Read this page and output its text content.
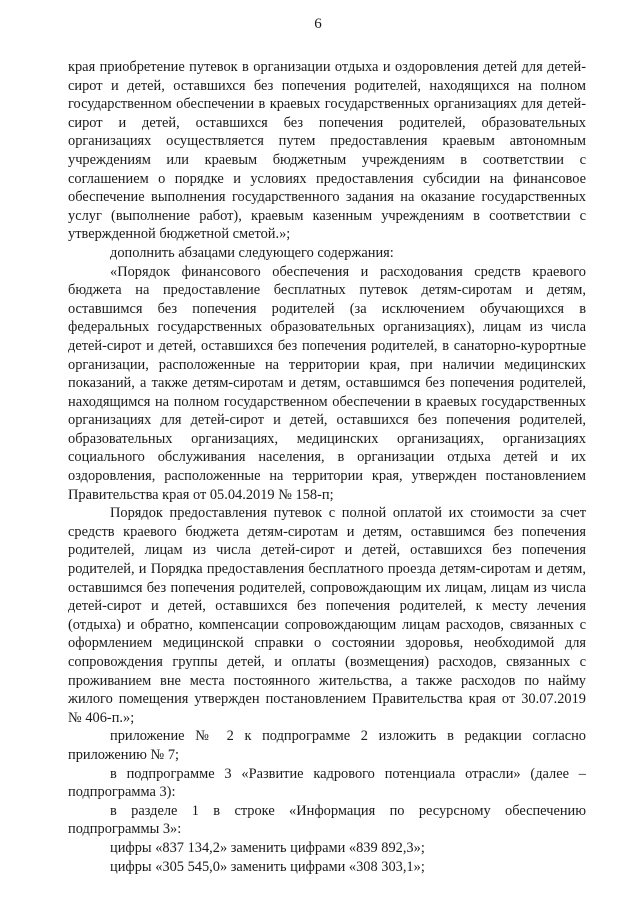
6

края приобретение путевок в организации отдыха и оздоровления детей для детей-сирот и детей, оставшихся без попечения родителей, находящихся на полном государственном обеспечении в краевых государственных организациях для детей-сирот и детей, оставшихся без попечения родителей, образовательных организациях осуществляется путем предоставления краевым автономным учреждениям или краевым бюджетным учреждениям в соответствии с соглашением о порядке и условиях предоставления субсидии на финансовое обеспечение выполнения государственного задания на оказание государственных услуг (выполнение работ), краевым казенным учреждениям в соответствии с утвержденной бюджетной сметой.»;

дополнить абзацами следующего содержания:

«Порядок финансового обеспечения и расходования средств краевого бюджета на предоставление бесплатных путевок детям-сиротам и детям, оставшимся без попечения родителей (за исключением обучающихся в федеральных государственных образовательных организациях), лицам из числа детей-сирот и детей, оставшихся без попечения родителей, в санаторно-курортные организации, расположенные на территории края, при наличии медицинских показаний, а также детям-сиротам и детям, оставшимся без попечения родителей, находящимся на полном государственном обеспечении в краевых государственных организациях для детей-сирот и детей, оставшихся без попечения родителей, образовательных организациях, медицинских организациях, организациях социального обслуживания населения, в организации отдыха детей и их оздоровления, расположенные на территории края, утвержден постановлением Правительства края от 05.04.2019 № 158-п;

Порядок предоставления путевок с полной оплатой их стоимости за счет средств краевого бюджета детям-сиротам и детям, оставшимся без попечения родителей, лицам из числа детей-сирот и детей, оставшихся без попечения родителей, и Порядка предоставления бесплатного проезда детям-сиротам и детям, оставшимся без попечения родителей, сопровождающим их лицам, лицам из числа детей-сирот и детей, оставшихся без попечения родителей, к месту лечения (отдыха) и обратно, компенсации сопровождающим лицам расходов, связанных с оформлением медицинской справки о состоянии здоровья, необходимой для сопровождения группы детей, и оплаты (возмещения) расходов, связанных с проживанием вне места постоянного жительства, а также расходов по найму жилого помещения утвержден постановлением Правительства края от 30.07.2019 № 406-п.»;

приложение № 2 к подпрограмме 2 изложить в редакции согласно приложению № 7;

в подпрограмме 3 «Развитие кадрового потенциала отрасли» (далее – подпрограмма 3):

в разделе 1 в строке «Информация по ресурсному обеспечению подпрограммы 3»:

цифры «837 134,2» заменить цифрами «839 892,3»;

цифры «305 545,0» заменить цифрами «308 303,1»;
